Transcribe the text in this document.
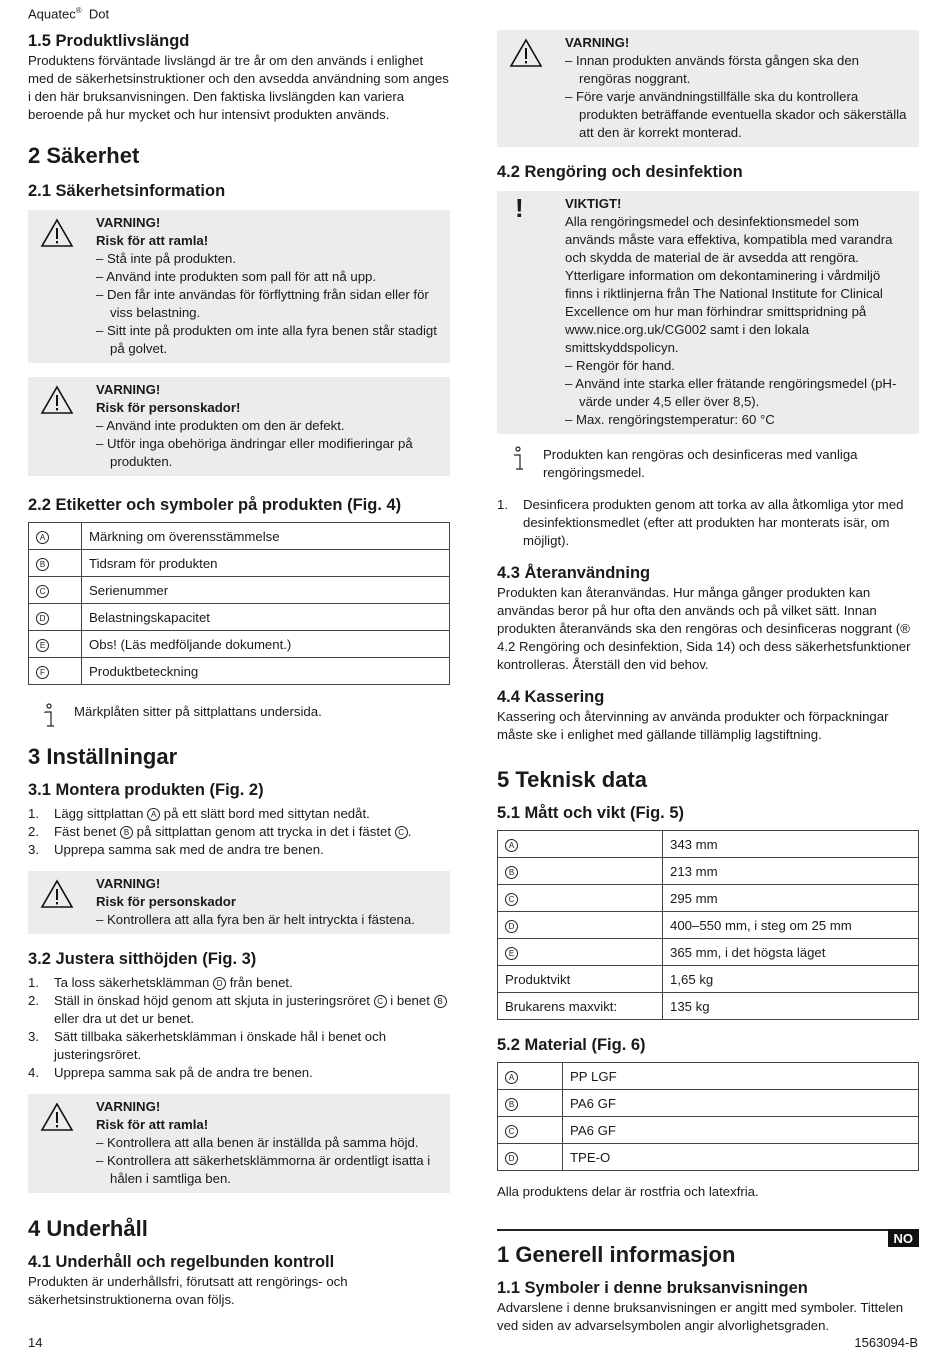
Aquatec® Dot
1.5 Produktlivslängd

Produktens förväntade livslängd är tre år om den används i enlighet med de säkerhetsinstruktioner och den avsedda användning som anges i den här bruksanvisningen. Den faktiska livslängden kan variera beroende på hur mycket och hur intensivt produkten används.

2 Säkerhet
2.1 Säkerhetsinformation
VARNING!
Risk för att ramla!
– Stå inte på produkten.
– Använd inte produkten som pall för att nå upp.
– Den får inte användas för förflyttning från sidan eller för viss belastning.
– Sitt inte på produkten om inte alla fyra benen står stadigt på golvet.
VARNING!
Risk för personskador!
– Använd inte produkten om den är defekt.
– Utför inga obehöriga ändringar eller modifieringar på produkten.
2.2 Etiketter och symboler på produkten (Fig. 4)
A	Märkning om överensstämmelse
B	Tidsram för produkten
C	Serienummer
D	Belastningskapacitet
E	Obs! (Läs medföljande dokument.)
F	Produktbeteckning
Märkplåten sitter på sittplattans undersida.
3 Inställningar
3.1 Montera produkten (Fig. 2)
1. Lägg sittplattan A på ett slätt bord med sittytan nedåt.
2. Fäst benet B på sittplattan genom att trycka in det i fästet C .
3. Upprepa samma sak med de andra tre benen.
VARNING!
Risk för personskador
– Kontrollera att alla fyra ben är helt intryckta i fästena.
3.2 Justera sitthöjden (Fig. 3)
1. Ta loss säkerhetsklämman D från benet.
2. Ställ in önskad höjd genom att skjuta in justeringsröret C i benet B eller dra ut det ur benet.
3. Sätt tillbaka säkerhetsklämman i önskade hål i benet och justeringsröret.
4. Upprepa samma sak på de andra tre benen.
VARNING!
Risk för att ramla!
– Kontrollera att alla benen är inställda på samma höjd.
– Kontrollera att säkerhetsklämmorna är ordentligt isatta i hålen i samtliga ben.
4 Underhåll
4.1 Underhåll och regelbunden kontroll

Produkten är underhållsfri, förutsatt att rengörings- och säkerhetsinstruktionerna ovan följs.

VARNING!
– Innan produkten används första gången ska den rengöras noggrant.
– Före varje användningstillfälle ska du kontrollera produkten beträffande eventuella skador och säkerställa att den är korrekt monterad.
4.2 Rengöring och desinfektion
!	VIKTIGT!

Alla rengöringsmedel och desinfektionsmedel som används måste vara effektiva, kompatibla med varandra och skydda de material de är avsedda att rengöra. Ytterligare information om dekontaminering i vårdmiljö finns i riktlinjerna från The National Institute for Clinical Excellence om hur man förhindrar smittspridning på www.nice.org.uk/CG002 samt i den lokala smittskyddspolicyn.

– Rengör för hand.
– Använd inte starka eller frätande rengöringsmedel (pH-värde under 4,5 eller över 8,5).
– Max. rengöringstemperatur: 60 °C
Produkten kan rengöras och desinficeras med vanliga rengöringsmedel.
1. Desinficera produkten genom att torka av alla åtkomliga ytor med desinfektionsmedlet (efter att produkten har monterats isär, om möjligt).
4.3 Återanvändning

Produkten kan återanvändas. Hur många gånger produkten kan användas beror på hur ofta den används och på vilket sätt. Innan produkten återanvänds ska den rengöras och desinficeras noggrant (® 4.2 Rengöring och desinfektion, Sida 14) och dess säkerhetsfunktioner kontrolleras. Återställ den vid behov.

4.4 Kassering

Kassering och återvinning av använda produkter och förpackningar måste ske i enlighet med gällande tillämplig lagstiftning.

5 Teknisk data
5.1 Mått och vikt (Fig. 5)
A	343 mm
B	213 mm
C	295 mm
D	400–550 mm, i steg om 25 mm
E	365 mm, i det högsta läget
Produktvikt	1,65 kg
Brukarens maxvikt:	135 kg
5.2 Material (Fig. 6)
A	PP LGF
B	PA6 GF
C	PA6 GF
D	TPE-O

Alla produktens delar är rostfria och latexfria.

NO
1 Generell informasjon
1.1 Symboler i denne bruksanvisningen

Advarslene i denne bruksanvisningen er angitt med symboler. Tittelen ved siden av advarselsymbolen angir alvorlighetsgraden.

14	1563094-B
